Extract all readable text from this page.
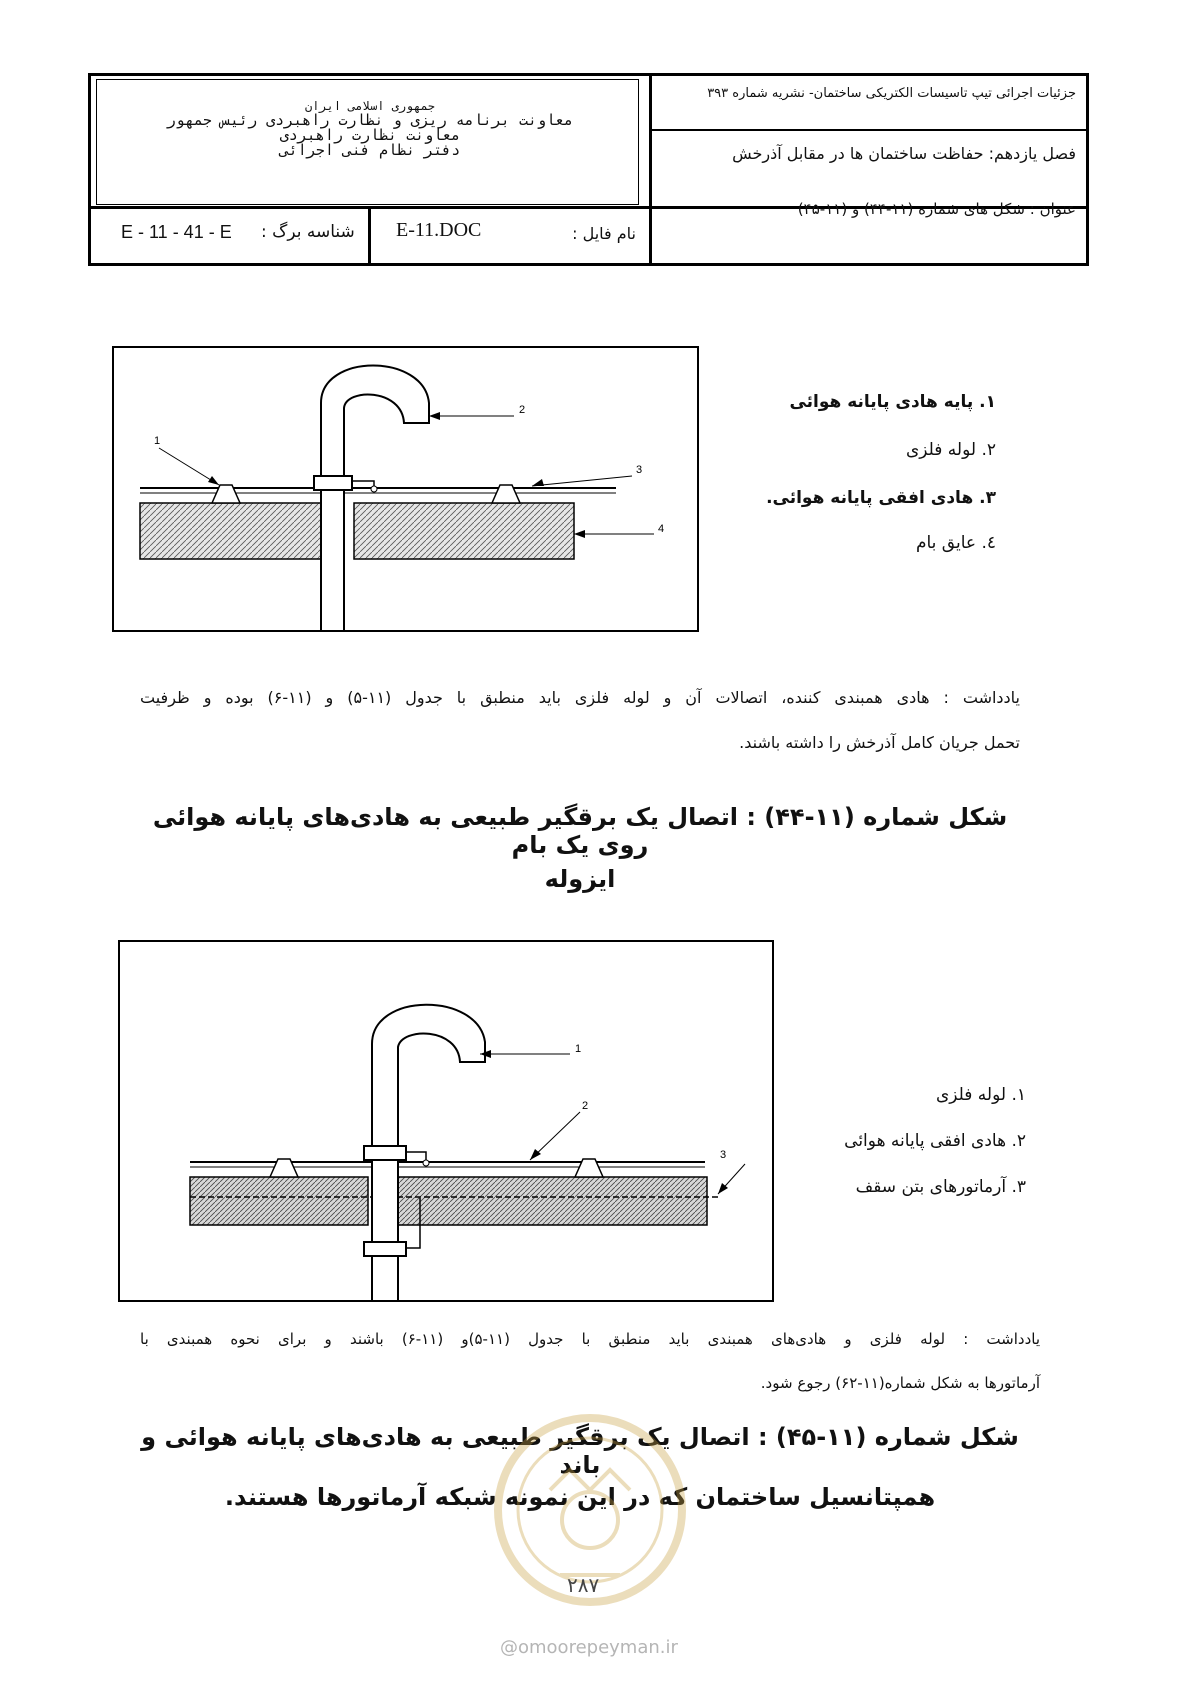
جزئیات اجرائی تیپ تاسیسات الکتریکی ساختمان- نشریه شماره ۳۹۳
فصل یازدهم: حفاظت ساختمان ها در مقابل آذرخش
عنوان : شکل های شماره (۱۱-۴۴) و (۱۱-۴۵)
نام فایل :
E-11.DOC
شناسه برگ :
E - 11 - 41 - E
جمهوری اسلامی ایران
معاونت برنامه ریزی و نظارت راهبردی رئیس جمهور
معاونت نظارت راهبردی
دفتر نظام فنی اجرائی
1
2
3
4
۱. پایه هادی پایانه هوائی
۲. لوله فلزی
۳. هادی افقی پایانه هوائی.
٤. عایق بام
یادداشت : هادی همبندی کننده، اتصالات آن و لوله فلزی باید منطبق با جدول (۱۱-۵) و (۱۱-۶) بوده و ظرفیت
تحمل جریان کامل آذرخش را داشته باشند.
شکل شماره (۱۱-۴۴) : اتصال یک برقگیر طبیعی به هادی‌های پایانه هوائی روی یک بام
ایزوله
1
2
3
۱. لوله فلزی
۲. هادی افقی پایانه هوائی
۳. آرماتورهای بتن سقف
یادداشت : لوله فلزی و هادی‌های همبندی باید منطبق با جدول (۱۱-۵)و (۱۱-۶) باشند و برای نحوه همبندی با
آرماتورها به شکل شماره(۱۱-۶۲) رجوع شود.
شکل شماره (۱۱-۴۵) : اتصال یک برقگیر طبیعی به هادی‌های پایانه هوائی و باند
همپتانسیل ساختمان که در این نمونه شبکه آرماتورها هستند.
۲۸۷
@omoorepeyman.ir
